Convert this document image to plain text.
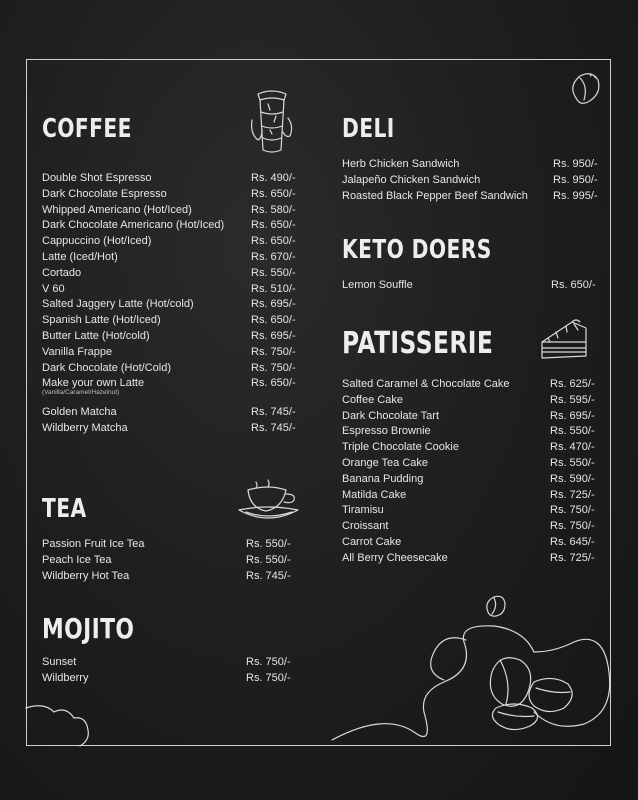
COFFEE
TEA
MOJITO
DELI
KETO DOERS
PATISSERIE
Double Shot Espresso	Rs. 490/-
Dark Chocolate Espresso	Rs. 650/-
Whipped Americano (Hot/Iced)	Rs. 580/-
Dark Chocolate Americano (Hot/Iced) Rs. 650/-
Cappuccino (Hot/Iced)	Rs. 650/-
Latte (Iced/Hot)	Rs. 670/-
Cortado	Rs. 550/-
V 60	Rs. 510/-
Salted Jaggery Latte (Hot/cold)	Rs. 695/-
Spanish Latte (Hot/Iced)	Rs. 650/-
Butter Latte (Hot/cold)	Rs. 695/-
Vanilla Frappe	Rs. 750/-
Dark Chocolate (Hot/Cold)	Rs. 750/-
Make your own Latte
(Vanilla/Caramel/Hazelnut)
Rs. 650/-
Golden Matcha	Rs. 745/-
Wildberry Matcha	Rs. 745/-
Passion Fruit Ice Tea	Rs. 550/-
Peach Ice Tea	Rs. 550/-
Wildberry Hot Tea	Rs. 745/-
Sunset	Rs. 750/-
Wildberry	Rs. 750/-
Herb Chicken Sandwich	Rs. 950/-
Jalapeño Chicken Sandwich	Rs. 950/-
Roasted Black Pepper Beef Sandwich Rs. 995/-
Lemon Souffle	Rs. 650/-
Salted Caramel & Chocolate Cake	Rs. 625/-
Coffee Cake	Rs. 595/-
Dark Chocolate Tart	Rs. 695/-
Espresso Brownie	Rs. 550/-
Triple Chocolate Cookie	Rs. 470/-
Orange Tea Cake	Rs. 550/-
Banana Pudding	Rs. 590/-
Matilda Cake	Rs. 725/-
Tiramisu	Rs. 750/-
Croissant	Rs. 750/-
Carrot Cake	Rs. 645/-
All Berry Cheesecake	Rs. 725/-
